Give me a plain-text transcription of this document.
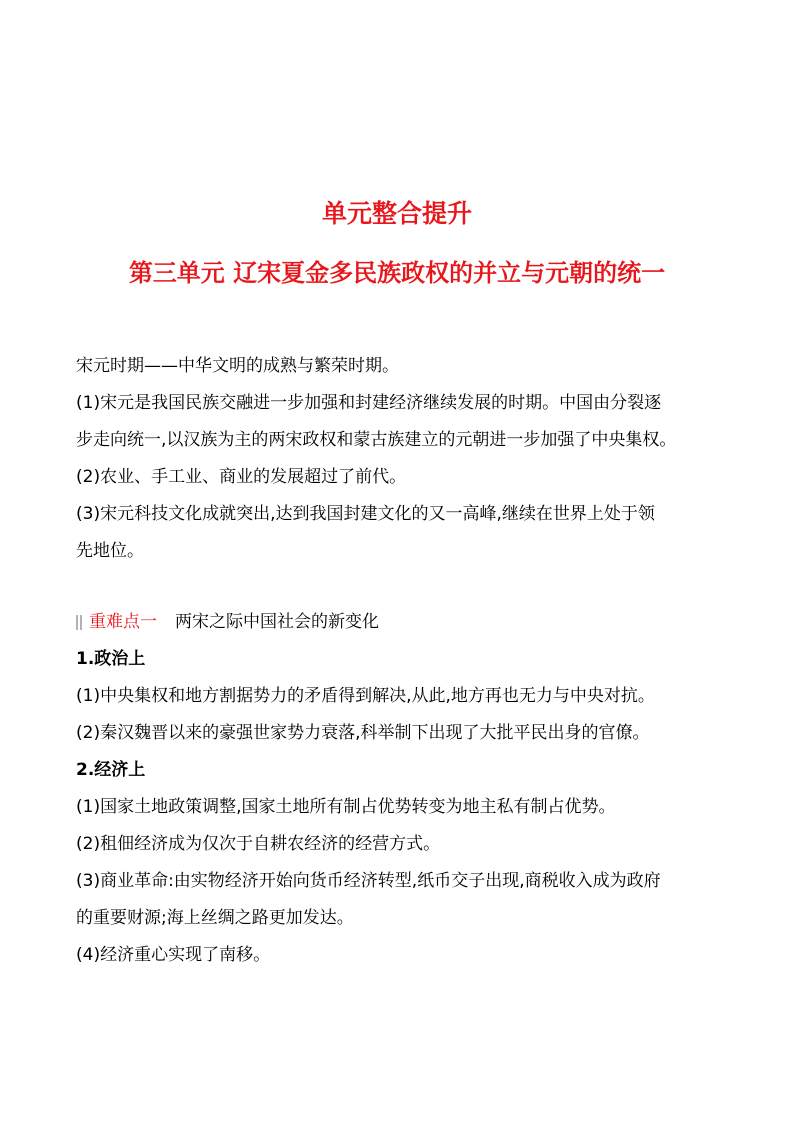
单元整合提升
第三单元 辽宋夏金多民族政权的并立与元朝的统一
宋元时期——中华文明的成熟与繁荣时期。
(1)宋元是我国民族交融进一步加强和封建经济继续发展的时期。中国由分裂逐
步走向统一,以汉族为主的两宋政权和蒙古族建立的元朝进一步加强了中央集权。
(2)农业、手工业、商业的发展超过了前代。
(3)宋元科技文化成就突出,达到我国封建文化的又一高峰,继续在世界上处于领
先地位。
重难点一 两宋之际中国社会的新变化
1.政治上
(1)中央集权和地方割据势力的矛盾得到解决,从此,地方再也无力与中央对抗。
(2)秦汉魏晋以来的豪强世家势力衰落,科举制下出现了大批平民出身的官僚。
2.经济上
(1)国家土地政策调整,国家土地所有制占优势转变为地主私有制占优势。
(2)租佃经济成为仅次于自耕农经济的经营方式。
(3)商业革命:由实物经济开始向货币经济转型,纸币交子出现,商税收入成为政府
的重要财源;海上丝绸之路更加发达。
(4)经济重心实现了南移。
